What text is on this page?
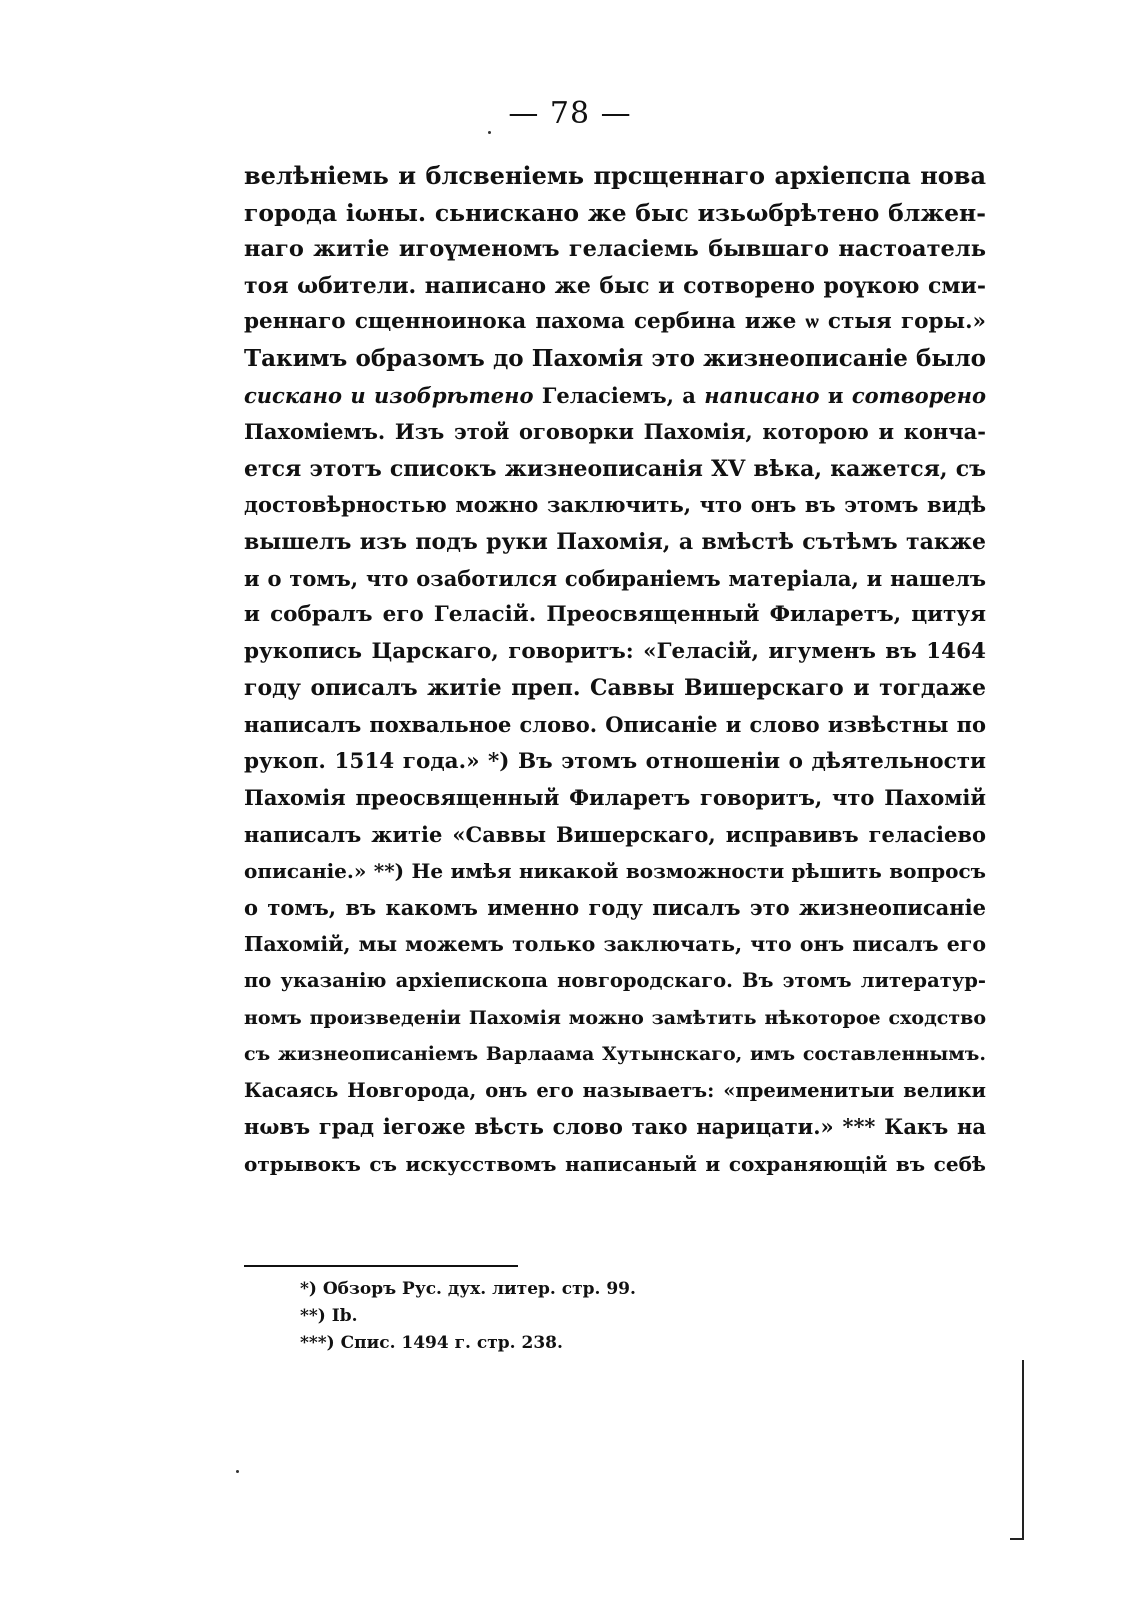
— 78 —
велѣніемь и блсвеніемь прсщеннаго архіепспа нова
города іωны. сьнискано же быс изьωбрѣтено блжен-
наго житіе игоүменомъ геласіемь бывшаго настоатель
тоя ωбители. написано же быс и сотворено роүкою сми-
реннаго сщенноинока пахома сербина иже ѡ стыя горы.»
Такимъ образомъ до Пахомія это жизнеописаніе было
сискано и изобрѣтено Геласіемъ, а написано и сотворено
Пахоміемъ. Изъ этой оговорки Пахомія, которою и конча-
ется этотъ списокъ жизнеописанія XV вѣка, кажется, съ
достовѣрностью можно заключить, что онъ въ этомъ видѣ
вышелъ изъ подъ руки Пахомія, а вмѣстѣ сътѣмъ также
и о томъ, что озаботился собираніемъ матеріала, и нашелъ
и собралъ его Геласій. Преосвященный Филаретъ, цитуя
рукопись Царскаго, говоритъ: «Геласій, игуменъ въ 1464
году описалъ житіе преп. Саввы Вишерскаго и тогдаже
написалъ похвальное слово. Описаніе и слово извѣстны по
рукоп. 1514 года.» *) Въ этомъ отношеніи о дѣятельности
Пахомія преосвященный Филаретъ говоритъ, что Пахомій
написалъ житіе «Саввы Вишерскаго, исправивъ геласіево
описаніе.» **) Не имѣя никакой возможности рѣшить вопросъ
о томъ, въ какомъ именно году писалъ это жизнеописаніе
Пахомій, мы можемъ только заключать, что онъ писалъ его
по указанію архіепископа новгородскаго. Въ этомъ литератур-
номъ произведеніи Пахомія можно замѣтить нѣкоторое сходство
съ жизнеописаніемъ Варлаама Хутынскаго, имъ составленнымъ.
Касаясь Новгорода, онъ его называетъ: «преименитыи велики
нωвъ град іегоже вѣсть слово тако нарицати.» *** Какъ на
отрывокъ съ искусствомъ написаный и сохраняющій въ себѣ
*) Обзоръ Рус. дух. литер. стр. 99.
**) Ib.
***) Спис. 1494 г. стр. 238.
